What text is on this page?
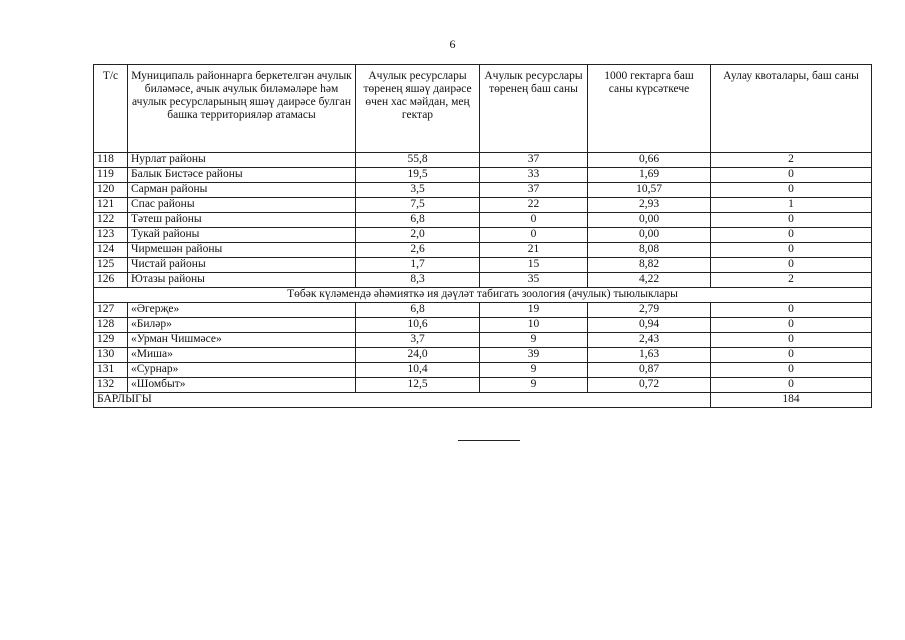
6
Т/с	Муниципаль районнарга беркетелгән ачулык биләмәсе, ачык ачулык биләмәләре һәм ачулык ресурсларының яшәү даирәсе булган башка территорияләр атамасы	Ачулык ресурслары төренең яшәү даирәсе өчен хас мәйдан, мең гектар	Ачулык ресурслары төренең баш саны	1000 гектарга баш саны күрсәткече	Аулау квоталары, баш саны
118	Нурлат районы	55,8	37	0,66	2
119	Балык Бистәсе районы	19,5	33	1,69	0
120	Сарман районы	3,5	37	10,57	0
121	Спас районы	7,5	22	2,93	1
122	Тәтеш районы	6,8	0	0,00	0
123	Тукай районы	2,0	0	0,00	0
124	Чирмешән районы	2,6	21	8,08	0
125	Чистай районы	1,7	15	8,82	0
126	Ютазы районы	8,3	35	4,22	2
Төбәк күләмендә әһәмияткә ия дәүләт табигать зоология (ачулык) тыюлыклары					
127	«Әгерҗе»	6,8	19	2,79	0
128	«Биләр»	10,6	10	0,94	0
129	«Урман Чишмәсе»	3,7	9	2,43	0
130	«Миша»	24,0	39	1,63	0
131	«Сурнар»	10,4	9	0,87	0
132	«Шомбыт»	12,5	9	0,72	0
БАРЛЫГЫ					184
